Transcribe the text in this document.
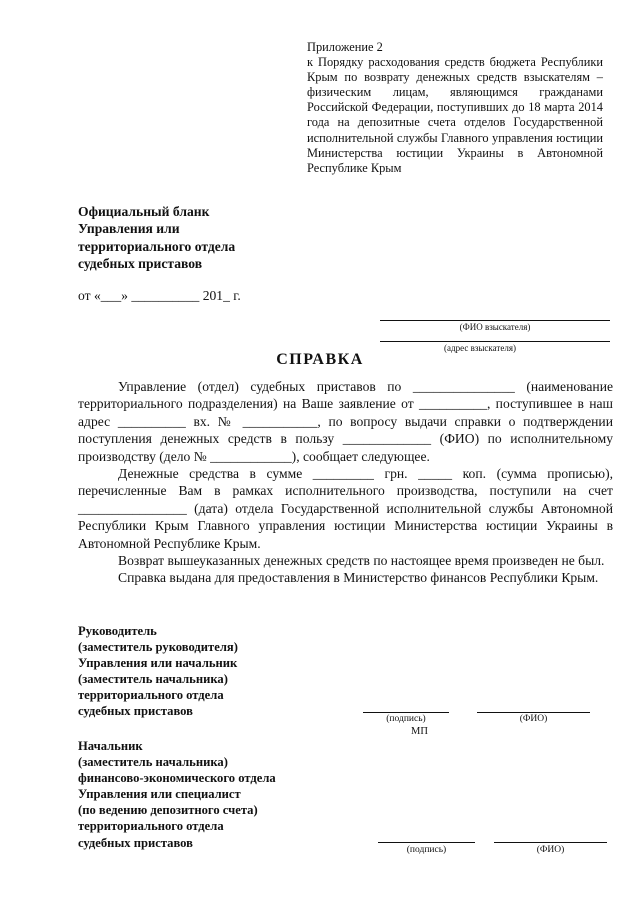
Приложение 2
к Порядку расходования средств бюджета Республики Крым по возврату денежных средств взыскателям – физическим лицам, являющимся гражданами Российской Федерации, поступивших до 18 марта 2014 года на депозитные счета отделов Государственной исполнительной службы Главного управления юстиции Министерства юстиции Украины в Автономной Республике Крым
Официальный бланк
Управления или
территориального отдела
судебных приставов
от «___» __________ 201_ г.
(ФИО взыскателя)
(адрес взыскателя)
СПРАВКА

Управление (отдел) судебных приставов по _______________ (наименование территориального подразделения) на Ваше заявление от __________, поступившее в наш адрес __________ вх. № ___________, по вопросу выдачи справки о подтверждении поступления денежных средств в пользу _____________ (ФИО) по исполнительному производству (дело № ____________), сообщает следующее.

Денежные средства в сумме _________ грн. _____ коп. (сумма прописью), перечисленные Вам в рамках исполнительного производства, поступили на счет ________________ (дата) отдела Государственной исполнительной службы Автономной Республики Крым Главного управления юстиции Министерства юстиции Украины в Автономной Республике Крым.

Возврат вышеуказанных денежных средств по настоящее время произведен не был.

Справка выдана для предоставления в Министерство финансов Республики Крым.

Руководитель
(заместитель руководителя)
Управления или начальник
(заместитель начальника)
территориального отдела
судебных приставов
(подпись)	(ФИО)
МП
Начальник
(заместитель начальника)
финансово-экономического отдела
Управления или специалист
(по ведению депозитного счета)
территориального отдела
судебных приставов
(подпись)	(ФИО)
